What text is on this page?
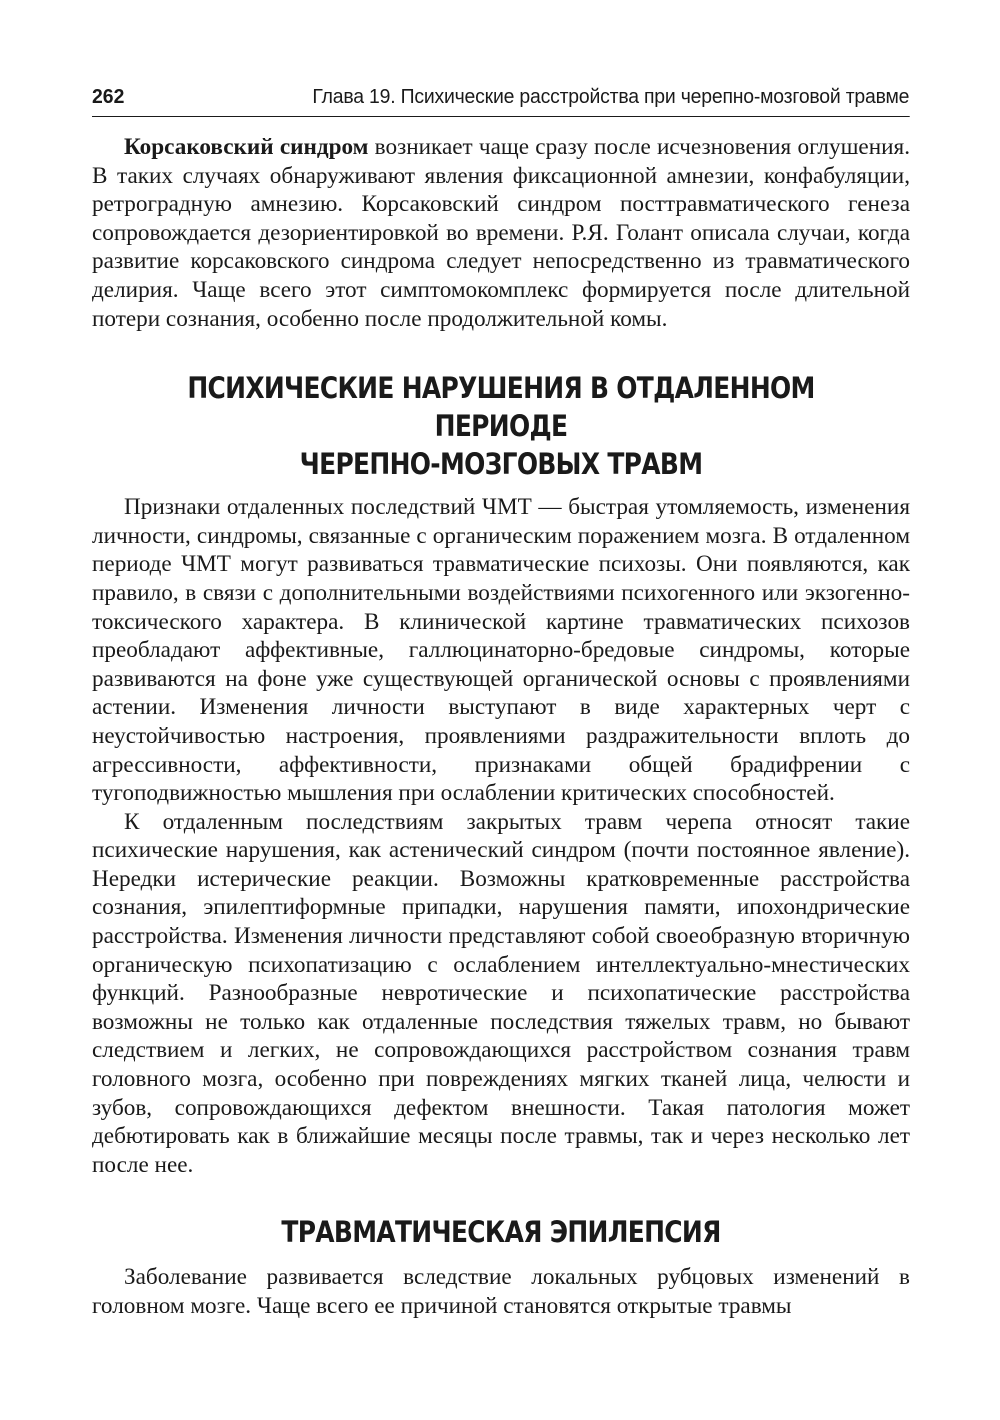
262	Глава 19. Психические расстройства при черепно-мозговой травме

Корсаковский синдром возникает чаще сразу после исчезновения оглушения. В таких случаях обнаруживают явления фиксационной амнезии, конфабуляции, ретроградную амнезию. Корсаковский синдром посттравматического генеза сопровождается дезориентировкой во времени. Р.Я. Голант описала случаи, когда развитие корсаковского синдрома следует непосредственно из травматического делирия. Чаще всего этот симптомокомплекс формируется после длительной потери сознания, особенно после продолжительной комы.

ПСИХИЧЕСКИЕ НАРУШЕНИЯ В ОТДАЛЕННОМ ПЕРИОДЕ
ЧЕРЕПНО-МОЗГОВЫХ ТРАВМ

Признаки отдаленных последствий ЧМТ — быстрая утомляемость, изменения личности, синдромы, связанные с органическим поражением мозга. В отдаленном периоде ЧМТ могут развиваться травматические психозы. Они появляются, как правило, в связи с дополнительными воздействиями психогенного или экзогенно-токсического характера. В клинической картине травматических психозов преобладают аффективные, галлюцинаторно-бредовые синдромы, которые развиваются на фоне уже существующей органической основы с проявлениями астении. Изменения личности выступают в виде характерных черт с неустойчивостью настроения, проявлениями раздражительности вплоть до агрессивности, аффективности, признаками общей брадифрении с тугоподвижностью мышления при ослаблении критических способностей.

К отдаленным последствиям закрытых травм черепа относят такие психические нарушения, как астенический синдром (почти постоянное явление). Нередки истерические реакции. Возможны кратковременные расстройства сознания, эпилептиформные припадки, нарушения памяти, ипохондрические расстройства. Изменения личности представляют собой своеобразную вторичную органическую психопатизацию с ослаблением интеллектуально-мнестических функций. Разнообразные невротические и психопатические расстройства возможны не только как отдаленные последствия тяжелых травм, но бывают следствием и легких, не сопровождающихся расстройством сознания травм головного мозга, особенно при повреждениях мягких тканей лица, челюсти и зубов, сопровождающихся дефектом внешности. Такая патология может дебютировать как в ближайшие месяцы после травмы, так и через несколько лет после нее.

ТРАВМАТИЧЕСКАЯ ЭПИЛЕПСИЯ

Заболевание развивается вследствие локальных рубцовых изменений в головном мозге. Чаще всего ее причиной становятся открытые травмы
